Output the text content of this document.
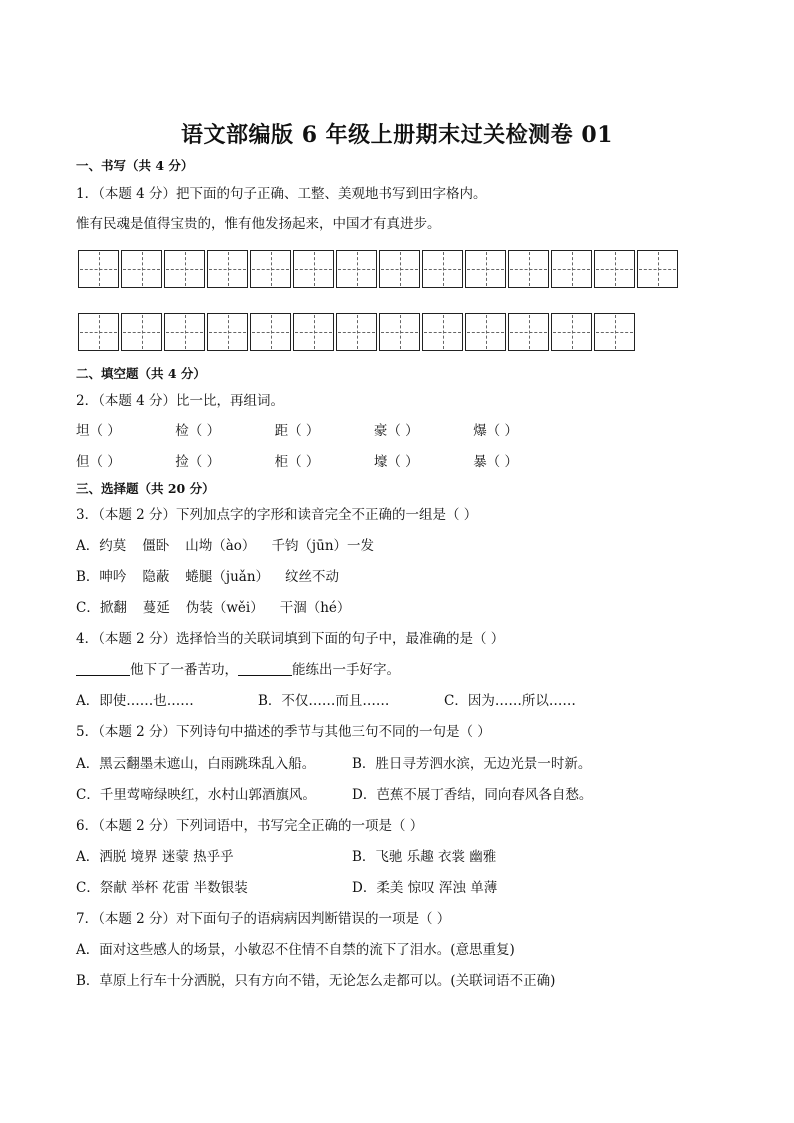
语文部编版 6 年级上册期末过关检测卷 01
一、书写（共 4 分）
1．（本题 4 分）把下面的句子正确、工整、美观地书写到田字格内。
惟有民魂是值得宝贵的，惟有他发扬起来，中国才有真进步。
二、填空题（共 4 分）
2．（本题 4 分）比一比，再组词。
坦（ ）	检（ ）	距（ ）	豪（ ）	爆（ ）
但（ ）	捡（ ）	柜（ ）	壕（ ）	暴（ ）
三、选择题（共 20 分）
3．（本题 2 分）下列加点字的字形和读音完全不正确的一组是（ ）
A．约莫 僵卧 山坳（ào） 千钧（jūn）一发
B．呻吟 隐蔽 蜷腿（juǎn） 纹丝不动
C．掀翻 蔓延 伪装（wěi） 干涸（hé）
4．（本题 2 分）选择恰当的关联词填到下面的句子中，最准确的是（ ）
他下了一番苦功，	能练出一手好字。
A．即使……也……	B．不仅……而且……	C．因为……所以……
5．（本题 2 分）下列诗句中描述的季节与其他三句不同的一句是（ ）
A．黑云翻墨未遮山，白雨跳珠乱入船。	B．胜日寻芳泗水滨，无边光景一时新。
C．千里莺啼绿映红，水村山郭酒旗风。	D．芭蕉不展丁香结，同向春风各自愁。
6．（本题 2 分）下列词语中，书写完全正确的一项是（ ）
A．洒脱 境界 迷蒙 热乎乎	B．飞驰 乐趣 衣裳 幽雅
C．祭献 举杯 花雷 半数银装	D．柔美 惊叹 浑浊 单薄
7．（本题 2 分）对下面句子的语病病因判断错误的一项是（ ）
A．面对这些感人的场景，小敏忍不住情不自禁的流下了泪水。(意思重复)
B．草原上行车十分洒脱，只有方向不错，无论怎么走都可以。(关联词语不正确)
